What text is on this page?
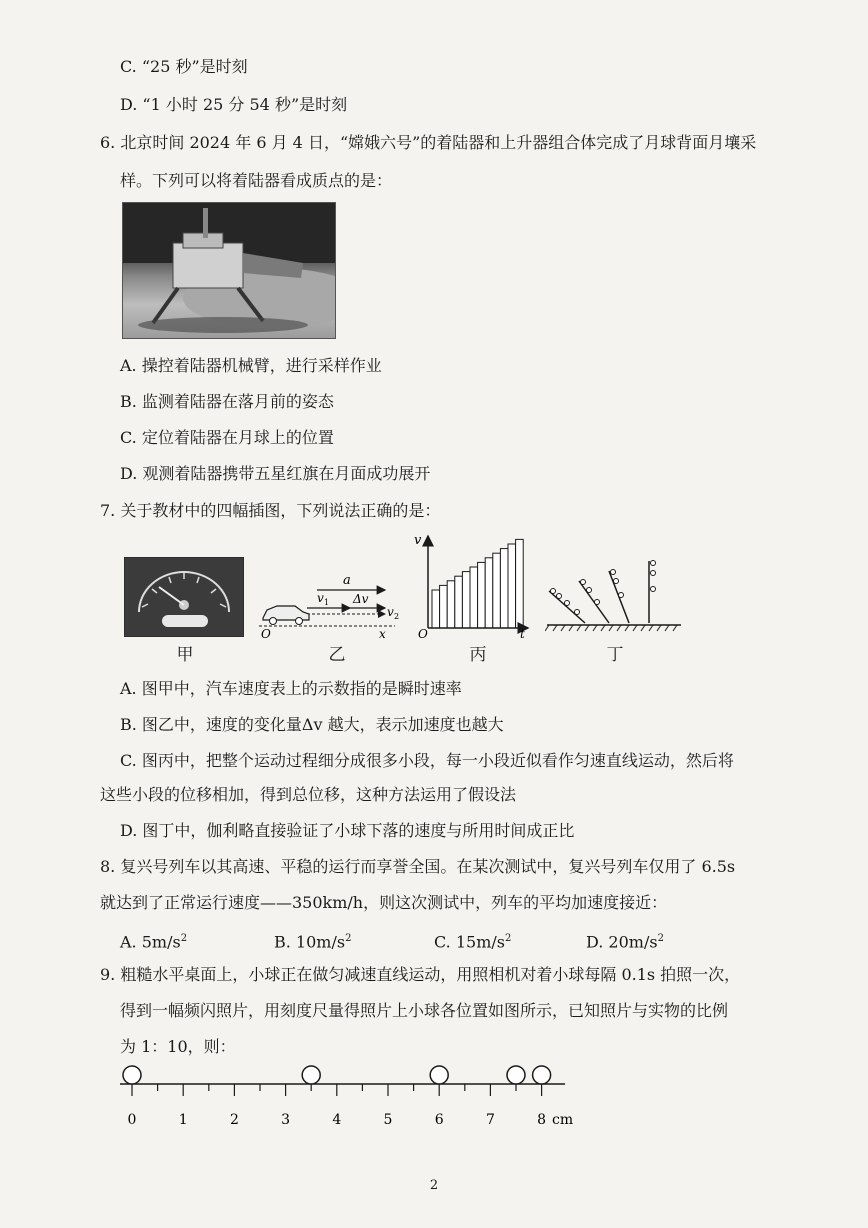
C. “25 秒”是时刻
D. “1 小时 25 分 54 秒”是时刻
6. 北京时间 2024 年 6 月 4 日，“嫦娥六号”的着陆器和上升器组合体完成了月球背面月壤采
样。下列可以将着陆器看成质点的是：
A. 操控着陆器机械臂，进行采样作业
B. 监测着陆器在落月前的姿态
C. 定位着陆器在月球上的位置
D. 观测着陆器携带五星红旗在月面成功展开
7. 关于教材中的四幅插图，下列说法正确的是：
甲
a
v 1 Δv
v 2
O	x
乙
v
O	t
丙	丁
A. 图甲中，汽车速度表上的示数指的是瞬时速率
B. 图乙中，速度的变化量Δv 越大，表示加速度也越大
C. 图丙中，把整个运动过程细分成很多小段，每一小段近似看作匀速直线运动，然后将
这些小段的位移相加，得到总位移，这种方法运用了假设法
D. 图丁中，伽利略直接验证了小球下落的速度与所用时间成正比
8. 复兴号列车以其高速、平稳的运行而享誉全国。在某次测试中，复兴号列车仅用了 6.5s
就达到了正常运行速度——350km/h，则这次测试中，列车的平均加速度接近：
A. $5m/s^2$	B. $10m/s^2$	C. $15m/s^2$	D. $20m/s^2$
9. 粗糙水平桌面上，小球正在做匀减速直线运动，用照相机对着小球每隔 0.1s 拍照一次，
得到一幅频闪照片，用刻度尺量得照片上小球各位置如图所示，已知照片与实物的比例
为 1：10，则：
0	1	2	3	4	5	6	7	8 cm
2
